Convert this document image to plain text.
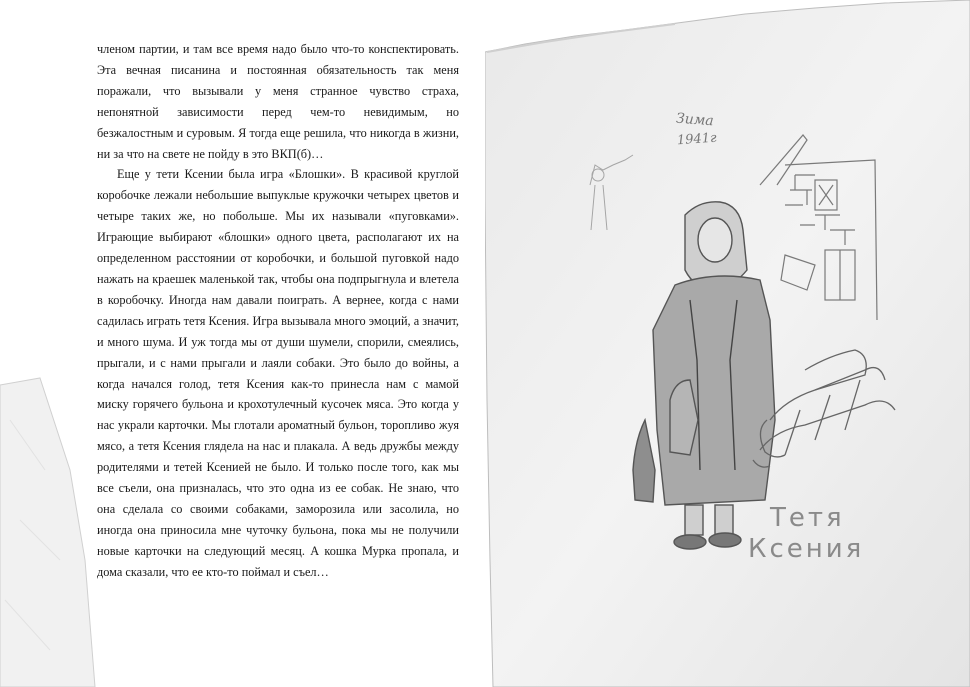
членом партии, и там все время надо было что-то конспектировать. Эта вечная писанина и постоянная обязательность так меня поражали, что вызывали у меня странное чувство страха, непонятной зависимости перед чем-то невидимым, но безжалостным и суровым. Я тогда еще решила, что никогда в жизни, ни за что на свете не пойду в это ВКП(б)…

Еще у тети Ксении была игра «Блошки». В красивой круглой коробочке лежали небольшие выпуклые кружочки четырех цветов и четыре таких же, но побольше. Мы их называли «пуговками». Играющие выбирают «блошки» одного цвета, располагают их на определенном расстоянии от коробочки, и большой пуговкой надо нажать на краешек маленькой так, чтобы она подпрыгнула и влетела в коробочку. Иногда нам давали поиграть. А вернее, когда с нами садилась играть тетя Ксения. Игра вызывала много эмоций, а значит, и много шума. И уж тогда мы от души шумели, спорили, смеялись, прыгали, и с нами прыгали и лаяли собаки. Это было до войны, а когда начался голод, тетя Ксения как-то принесла нам с мамой миску горячего бульона и крохотулечный кусочек мяса. Это когда у нас украли карточки. Мы глотали ароматный бульон, торопливо жуя мясо, а тетя Ксения глядела на нас и плакала. А ведь дружбы между родителями и тетей Ксенией не было. И только после того, как мы все съели, она призналась, что это одна из ее собак. Не знаю, что она сделала со своими собаками, заморозила или засолила, но иногда она приносила мне чуточку бульона, пока мы не получили новые карточки на следующий месяц. А кошка Мурка пропала, и дома сказали, что ее кто-то поймал и съел…

Зима
1941г
Тетя
Ксения
